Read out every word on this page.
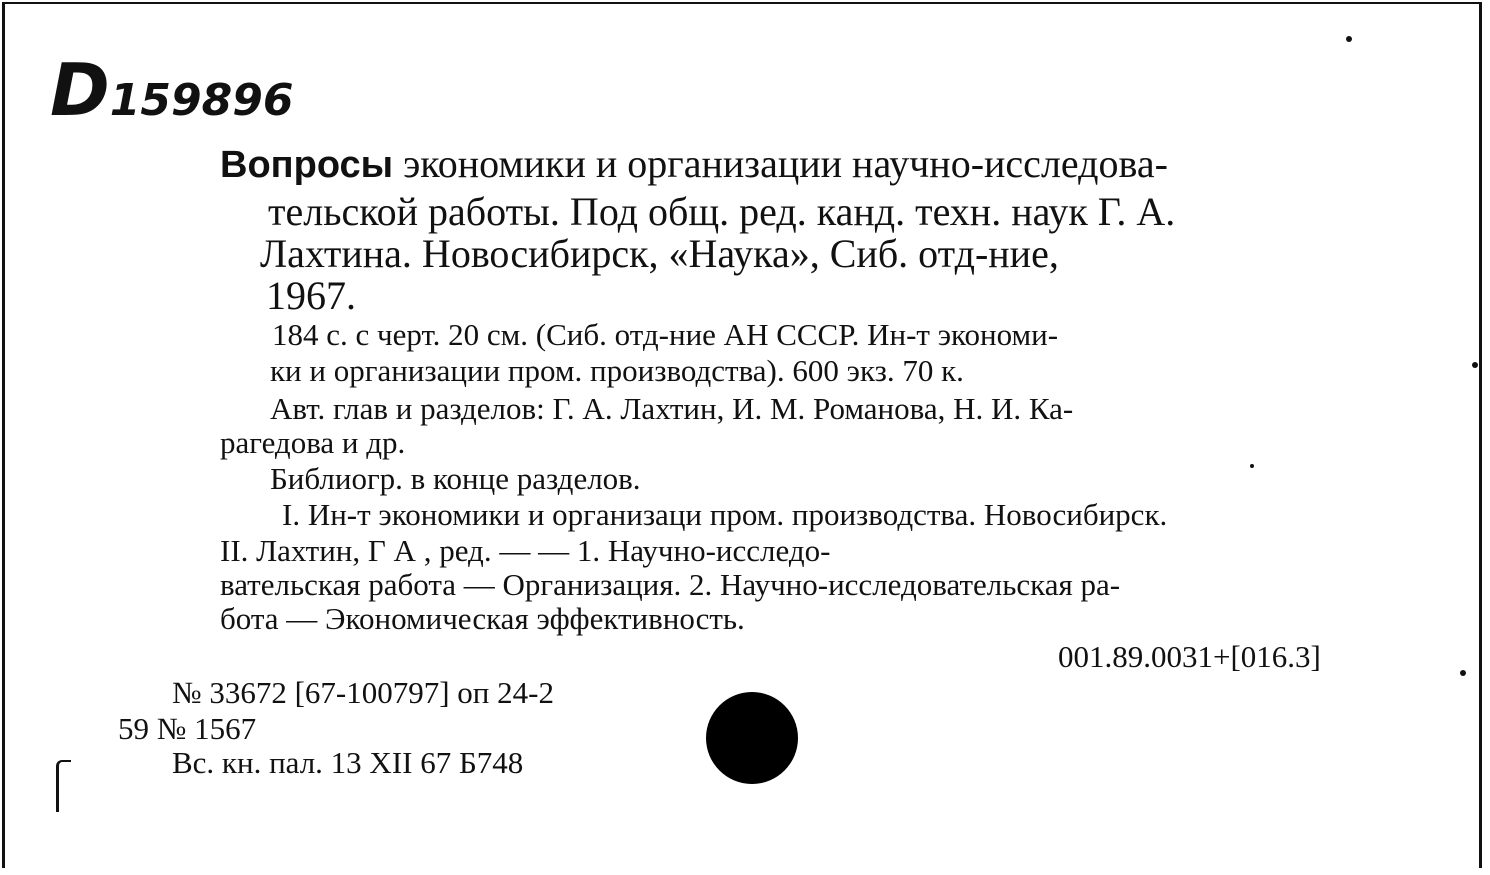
D159896
Вопросы экономики и организации научно-исследова-
тельской работы. Под общ. ред. канд. техн. наук Г. А.
Лахтина. Новосибирск, «Наука», Сиб. отд-ние,
1967.
184 с. с черт. 20 см. (Сиб. отд-ние АН СССР. Ин-т экономи-
ки и организации пром. производства). 600 экз. 70 к.
Авт. глав и разделов: Г. А. Лахтин, И. М. Романова, Н. И. Ка-
рагедова и др.
Библиогр. в конце разделов.
I. Ин-т экономики и организаци пром. производства. Новосибирск.
II. Лахтин, Г А , ред. — — 1. Научно-исследо-
вательская работа — Организация. 2. Научно-исследовательская ра-
бота — Экономическая эффективность.
001.89.0031+[016.3]
№ 33672 [67-100797] оп 24-2
59 № 1567
Вс. кн. пал. 13 XII 67 Б748
